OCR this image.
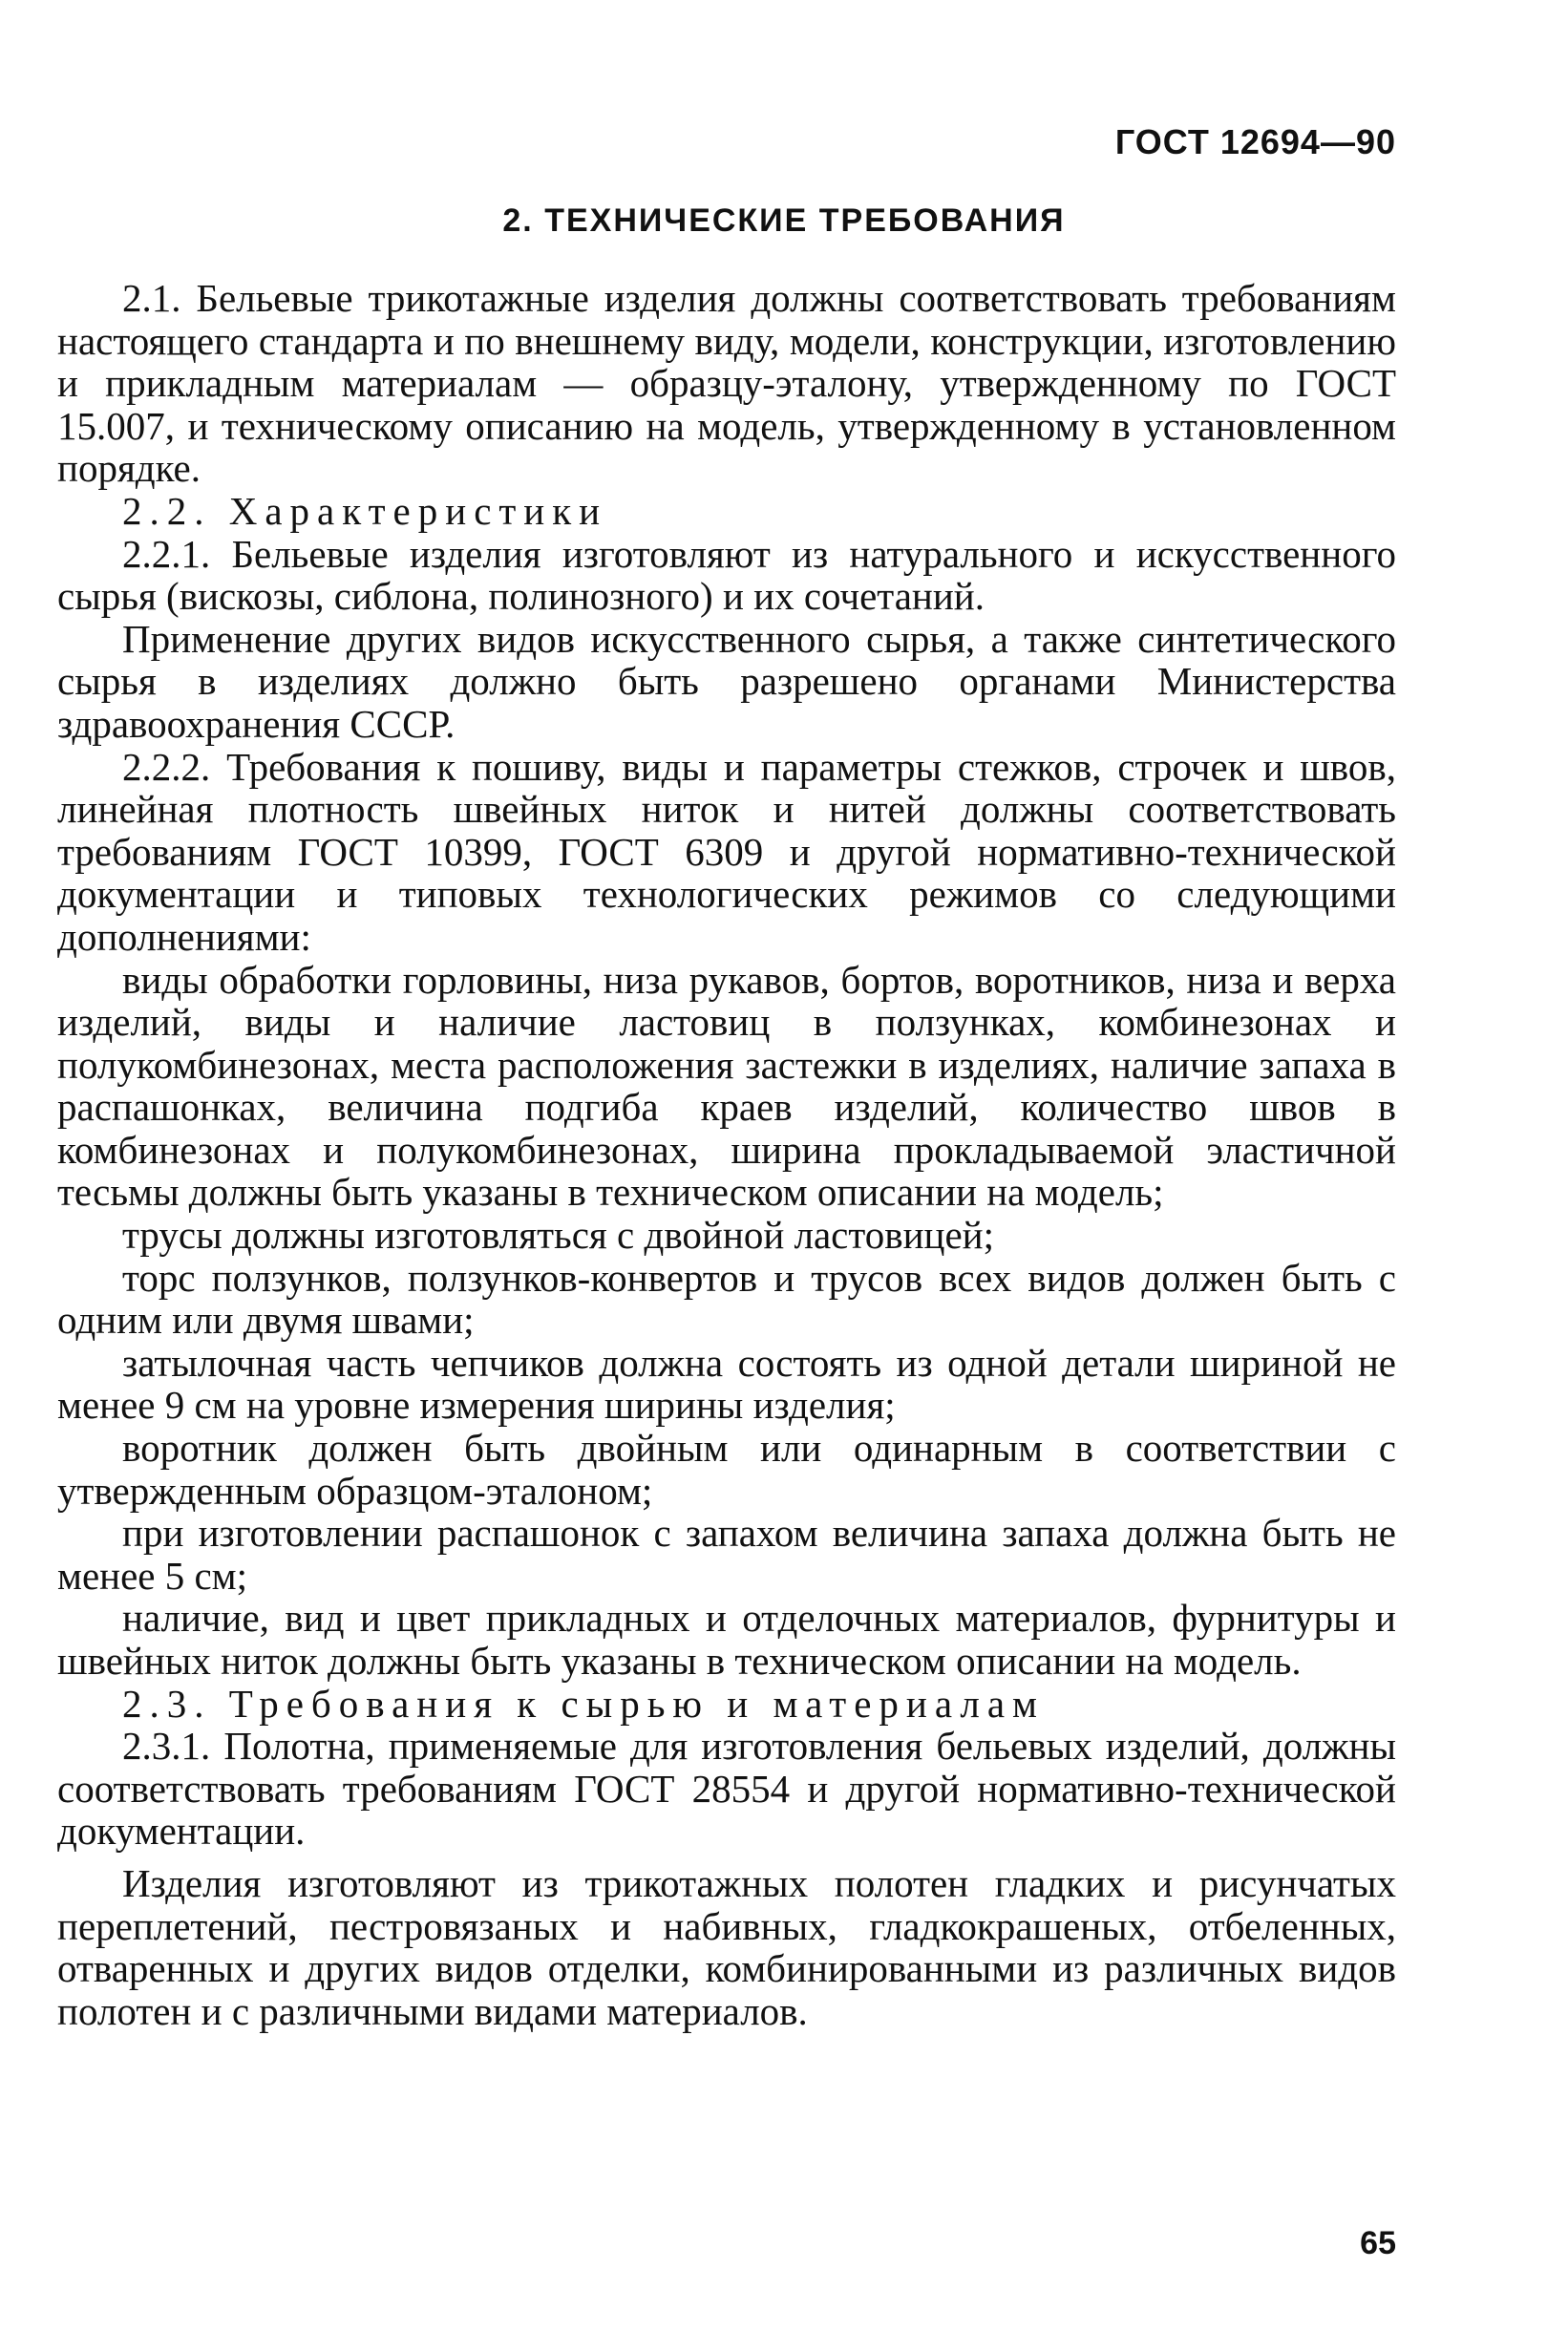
ГОСТ 12694—90
2. ТЕХНИЧЕСКИЕ ТРЕБОВАНИЯ

2.1. Бельевые трикотажные изделия должны соответствовать требованиям настоящего стандарта и по внешнему виду, модели, конструкции, изготовлению и прикладным материалам — образцу-эталону, утвержденному по ГОСТ 15.007, и техническому описанию на модель, утвержденному в установленном порядке.

2.2. Характеристики

2.2.1. Бельевые изделия изготовляют из натурального и искусственного сырья (вискозы, сиблона, полинозного) и их сочетаний.

Применение других видов искусственного сырья, а также синтетического сырья в изделиях должно быть разрешено органами Министерства здравоохранения СССР.

2.2.2. Требования к пошиву, виды и параметры стежков, строчек и швов, линейная плотность швейных ниток и нитей должны соответствовать требованиям ГОСТ 10399, ГОСТ 6309 и другой нормативно-технической документации и типовых технологических режимов со следующими дополнениями:

виды обработки горловины, низа рукавов, бортов, воротников, низа и верха изделий, виды и наличие ластовиц в ползунках, комбинезонах и полукомбинезонах, места расположения застежки в изделиях, наличие запаха в распашонках, величина подгиба краев изделий, количество швов в комбинезонах и полукомбинезонах, ширина прокладываемой эластичной тесьмы должны быть указаны в техническом описании на модель;

трусы должны изготовляться с двойной ластовицей;

торс ползунков, ползунков-конвертов и трусов всех видов должен быть с одним или двумя швами;

затылочная часть чепчиков должна состоять из одной детали шириной не менее 9 см на уровне измерения ширины изделия;

воротник должен быть двойным или одинарным в соответствии с утвержденным образцом-эталоном;

при изготовлении распашонок с запахом величина запаха должна быть не менее 5 см;

наличие, вид и цвет прикладных и отделочных материалов, фурнитуры и швейных ниток должны быть указаны в техническом описании на модель.

2.3. Требования к сырью и материалам

2.3.1. Полотна, применяемые для изготовления бельевых изделий, должны соответствовать требованиям ГОСТ 28554 и другой нормативно-технической документации.

Изделия изготовляют из трикотажных полотен гладких и рисунчатых переплетений, пестровязаных и набивных, гладкокрашеных, отбеленных, отваренных и других видов отделки, комбинированными из различных видов полотен и с различными видами материалов.

65
